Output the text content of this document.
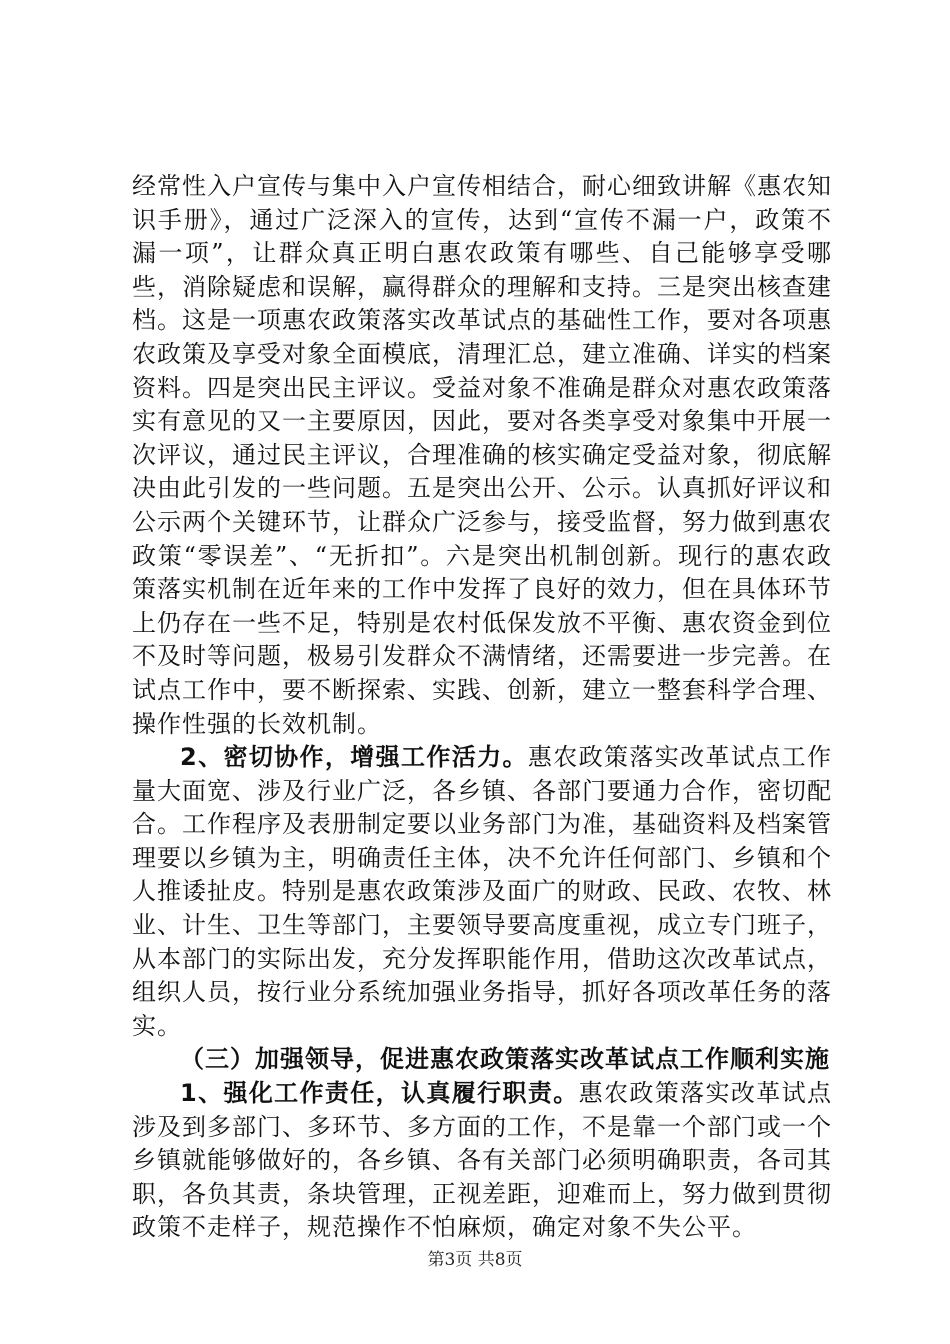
经常性入户宣传与集中入户宣传相结合，耐心细致讲解《惠农知识手册》，通过广泛深入的宣传，达到“宣传不漏一户，政策不漏一项”，让群众真正明白惠农政策有哪些、自己能够享受哪些，消除疑虑和误解，赢得群众的理解和支持。三是突出核查建档。这是一项惠农政策落实改革试点的基础性工作，要对各项惠农政策及享受对象全面模底，清理汇总，建立准确、详实的档案资料。四是突出民主评议。受益对象不准确是群众对惠农政策落实有意见的又一主要原因，因此，要对各类享受对象集中开展一次评议，通过民主评议，合理准确的核实确定受益对象，彻底解决由此引发的一些问题。五是突出公开、公示。认真抓好评议和公示两个关键环节，让群众广泛参与，接受监督，努力做到惠农政策“零误差”、“无折扣”。六是突出机制创新。现行的惠农政策落实机制在近年来的工作中发挥了良好的效力，但在具体环节上仍存在一些不足，特别是农村低保发放不平衡、惠农资金到位不及时等问题，极易引发群众不满情绪，还需要进一步完善。在试点工作中，要不断探索、实践、创新，建立一整套科学合理、操作性强的长效机制。

2、密切协作，增强工作活力。惠农政策落实改革试点工作量大面宽、涉及行业广泛，各乡镇、各部门要通力合作，密切配合。工作程序及表册制定要以业务部门为准，基础资料及档案管理要以乡镇为主，明确责任主体，决不允许任何部门、乡镇和个人推诿扯皮。特别是惠农政策涉及面广的财政、民政、农牧、林业、计生、卫生等部门，主要领导要高度重视，成立专门班子，从本部门的实际出发，充分发挥职能作用，借助这次改革试点，组织人员，按行业分系统加强业务指导，抓好各项改革任务的落实。

（三）加强领导，促进惠农政策落实改革试点工作顺利实施

1、强化工作责任，认真履行职责。惠农政策落实改革试点涉及到多部门、多环节、多方面的工作，不是靠一个部门或一个乡镇就能够做好的，各乡镇、各有关部门必须明确职责，各司其职，各负其责，条块管理，正视差距，迎难而上，努力做到贯彻政策不走样子，规范操作不怕麻烦，确定对象不失公平。

第3页 共8页
